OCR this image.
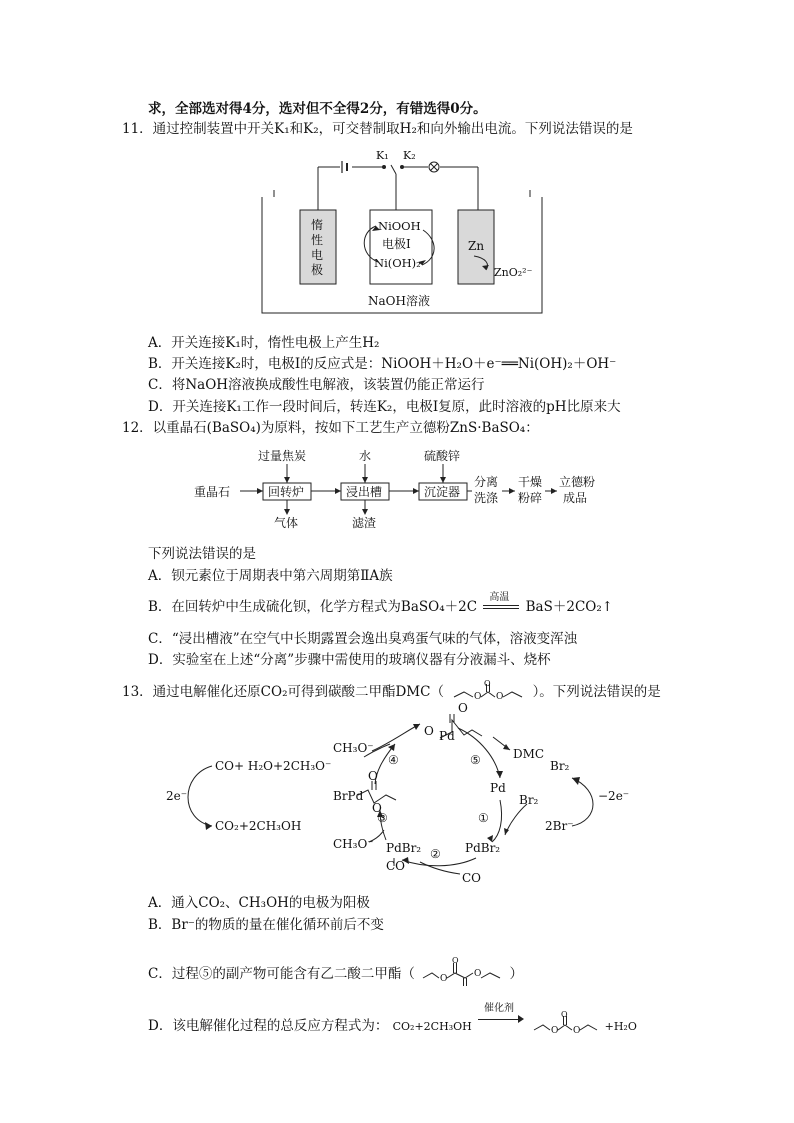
求，全部选对得4分，选对但不全得2分，有错选得0分。
11．通过控制装置中开关K₁和K₂，可交替制取H₂和向外输出电流。下列说法错误的是
K₁ K₂
惰
性
电
极
NiOOH
电极Ⅰ
Ni(OH)₂
Zn
ZnO₂²⁻
NaOH溶液
A．开关连接K₁时，惰性电极上产生H₂
B．开关连接K₂时，电极Ⅰ的反应式是：NiOOH＋H₂O＋e⁻══Ni(OH)₂＋OH⁻
C．将NaOH溶液换成酸性电解液，该装置仍能正常运行
D．开关连接K₁工作一段时间后，转连K₂，电极Ⅰ复原，此时溶液的pH比原来大
12．以重晶石(BaSO₄)为原料，按如下工艺生产立德粉ZnS·BaSO₄：
过量焦炭	水	硫酸锌
重晶石	回转炉	浸出槽	沉淀器
分离
洗涤
干燥
粉碎
立德粉
成品
气体	滤渣
下列说法错误的是
A．钡元素位于周期表中第六周期第ⅡA族
B．在回转炉中生成硫化钡，化学方程式为BaSO₄＋2C
高温
BaS＋2CO₂↑
C．“浸出槽液”在空气中长期露置会逸出臭鸡蛋气味的气体，溶液变浑浊
D．实验室在上述“分离”步骤中需使用的玻璃仪器有分液漏斗、烧杯
13．通过电解催化还原CO₂可得到碳酸二甲酯DMC（	O O
O
）。下列说法错误的是
CO+ H₂O+2CH₃O⁻
CO₂+2CH₃OH
2e⁻
Br₂
2Br⁻
−2e⁻
CH₃O⁻
CH₃O⁻
O Pd
O
DMC
Pd
Br₂
PdBr₂
CO
PdBr₂
CO
BrPd
O
O
①
②
③
④	⑤
A．通入CO₂、CH₃OH的电极为阳极
B．Br⁻的物质的量在催化循环前后不变
C．过程⑤的副产物可能含有乙二酸二甲酯（	O	O
O
）
D．该电解催化过程的总反应方程式为： CO₂+2CH₃OH
催化剂

O O
O
+H₂O
